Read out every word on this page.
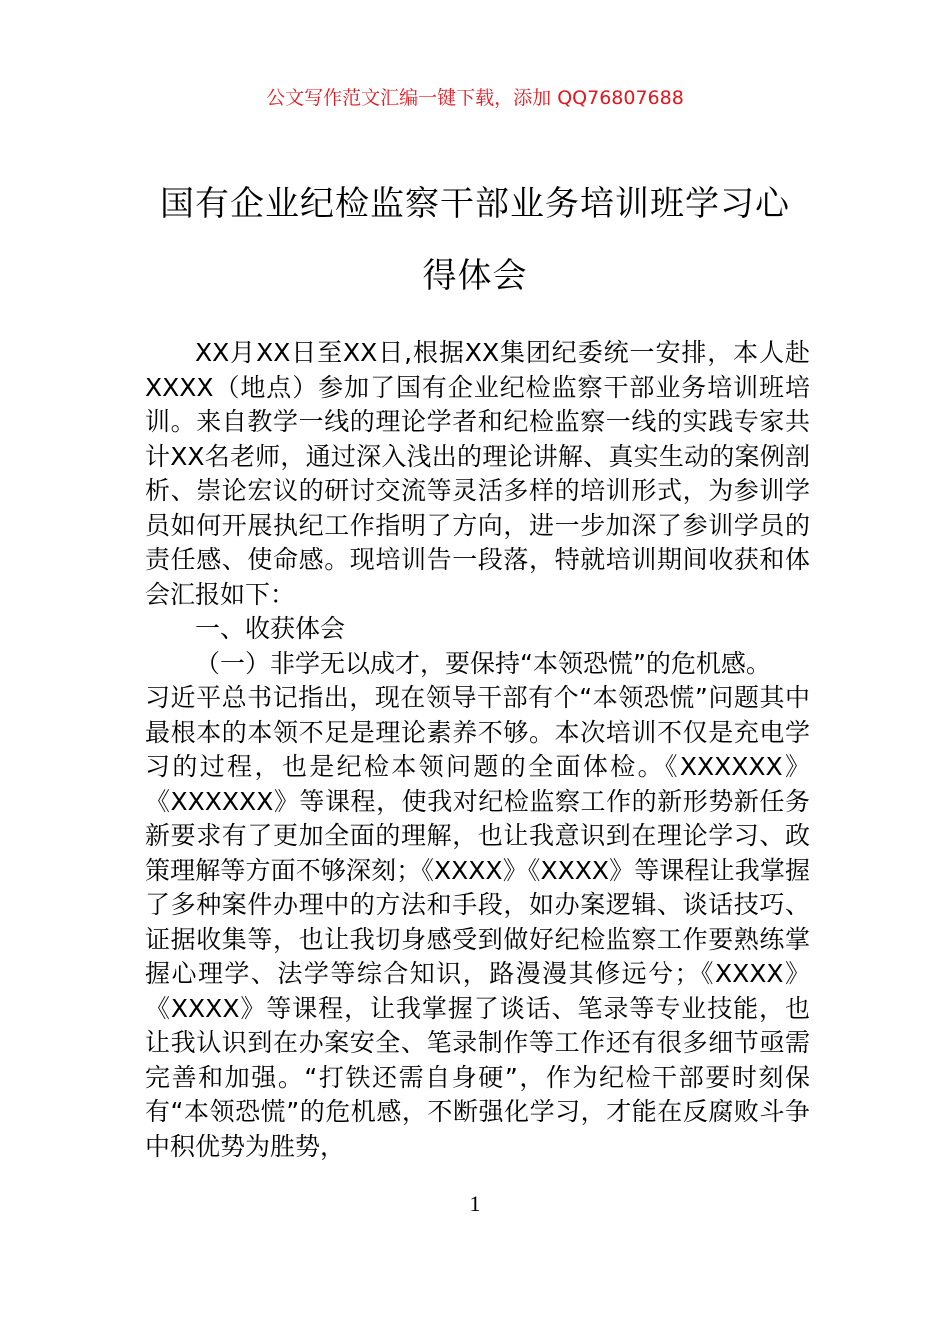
公文写作范文汇编一键下载，添加 QQ76807688
国有企业纪检监察干部业务培训班学习心
得体会

XX月XX日至XX日,根据XX集团纪委统一安排，本人赴XXXX（地点）参加了国有企业纪检监察干部业务培训班培训。来自教学一线的理论学者和纪检监察一线的实践专家共计XX名老师，通过深入浅出的理论讲解、真实生动的案例剖析、崇论宏议的研讨交流等灵活多样的培训形式，为参训学员如何开展执纪工作指明了方向，进一步加深了参训学员的责任感、使命感。现培训告一段落，特就培训期间收获和体会汇报如下：

一、收获体会

（一）非学无以成才，要保持“本领恐慌”的危机感。

习近平总书记指出，现在领导干部有个“本领恐慌”问题其中最根本的本领不足是理论素养不够。本次培训不仅是充电学习的过程，也是纪检本领问题的全面体检。《XXXXXX》《XXXXXX》等课程，使我对纪检监察工作的新形势新任务新要求有了更加全面的理解，也让我意识到在理论学习、政策理解等方面不够深刻；《XXXX》《XXXX》等课程让我掌握了多种案件办理中的方法和手段，如办案逻辑、谈话技巧、证据收集等，也让我切身感受到做好纪检监察工作要熟练掌握心理学、法学等综合知识，路漫漫其修远兮；《XXXX》《XXXX》等课程，让我掌握了谈话、笔录等专业技能，也让我认识到在办案安全、笔录制作等工作还有很多细节亟需完善和加强。“打铁还需自身硬”，作为纪检干部要时刻保有“本领恐慌”的危机感，不断强化学习，才能在反腐败斗争中积优势为胜势，

1
